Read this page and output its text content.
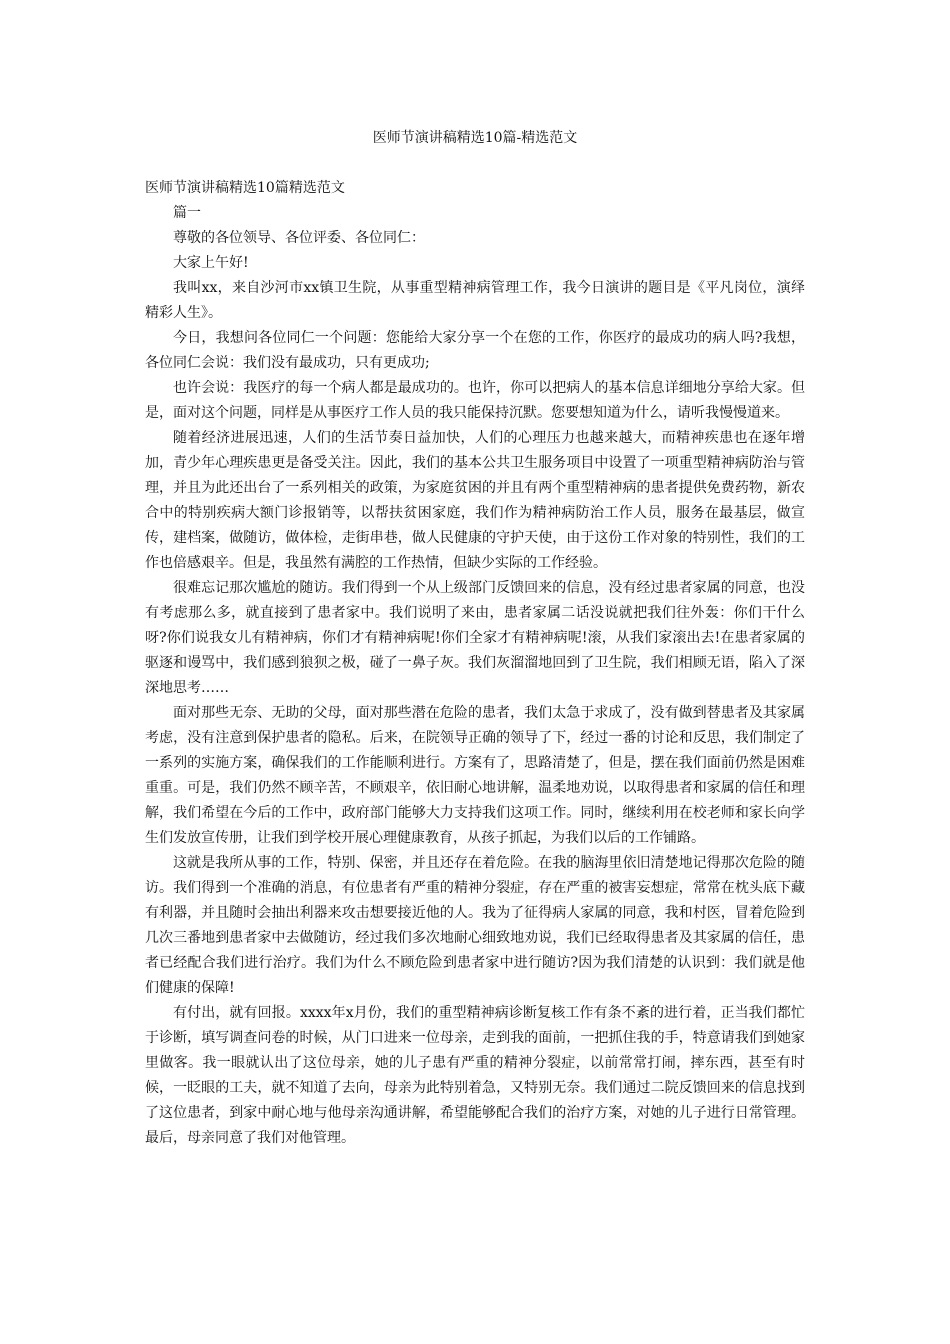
医师节演讲稿精选10篇-精选范文

医师节演讲稿精选10篇精选范文

篇一

尊敬的各位领导、各位评委、各位同仁：

大家上午好!

我叫xx，来自沙河市xx镇卫生院，从事重型精神病管理工作，我今日演讲的题目是《平凡岗位，演绎精彩人生》。

今日，我想问各位同仁一个问题：您能给大家分享一个在您的工作，你医疗的最成功的病人吗?我想，各位同仁会说：我们没有最成功，只有更成功;

也许会说：我医疗的每一个病人都是最成功的。也许，你可以把病人的基本信息详细地分享给大家。但是，面对这个问题，同样是从事医疗工作人员的我只能保持沉默。您要想知道为什么，请听我慢慢道来。

随着经济进展迅速，人们的生活节奏日益加快，人们的心理压力也越来越大，而精神疾患也在逐年增加，青少年心理疾患更是备受关注。因此，我们的基本公共卫生服务项目中设置了一项重型精神病防治与管理，并且为此还出台了一系列相关的政策，为家庭贫困的并且有两个重型精神病的患者提供免费药物，新农合中的特别疾病大额门诊报销等，以帮扶贫困家庭，我们作为精神病防治工作人员，服务在最基层，做宣传，建档案，做随访，做体检，走街串巷，做人民健康的守护天使，由于这份工作对象的特别性，我们的工作也倍感艰辛。但是，我虽然有满腔的工作热情，但缺少实际的工作经验。

很难忘记那次尴尬的随访。我们得到一个从上级部门反馈回来的信息，没有经过患者家属的同意，也没有考虑那么多，就直接到了患者家中。我们说明了来由，患者家属二话没说就把我们往外轰：你们干什么呀?你们说我女儿有精神病，你们才有精神病呢!你们全家才有精神病呢!滚，从我们家滚出去!在患者家属的驱逐和谩骂中，我们感到狼狈之极，碰了一鼻子灰。我们灰溜溜地回到了卫生院，我们相顾无语，陷入了深深地思考……

面对那些无奈、无助的父母，面对那些潜在危险的患者，我们太急于求成了，没有做到替患者及其家属考虑，没有注意到保护患者的隐私。后来，在院领导正确的领导了下，经过一番的讨论和反思，我们制定了一系列的实施方案，确保我们的工作能顺利进行。方案有了，思路清楚了，但是，摆在我们面前仍然是困难重重。可是，我们仍然不顾辛苦，不顾艰辛，依旧耐心地讲解，温柔地劝说，以取得患者和家属的信任和理解，我们希望在今后的工作中，政府部门能够大力支持我们这项工作。同时，继续利用在校老师和家长向学生们发放宣传册，让我们到学校开展心理健康教育，从孩子抓起，为我们以后的工作铺路。

这就是我所从事的工作，特别、保密，并且还存在着危险。在我的脑海里依旧清楚地记得那次危险的随访。我们得到一个准确的消息，有位患者有严重的精神分裂症，存在严重的被害妄想症，常常在枕头底下藏有利器，并且随时会抽出利器来攻击想要接近他的人。我为了征得病人家属的同意，我和村医，冒着危险到几次三番地到患者家中去做随访，经过我们多次地耐心细致地劝说，我们已经取得患者及其家属的信任，患者已经配合我们进行治疗。我们为什么不顾危险到患者家中进行随访?因为我们清楚的认识到：我们就是他们健康的保障!

有付出，就有回报。xxxx年x月份，我们的重型精神病诊断复核工作有条不紊的进行着，正当我们都忙于诊断，填写调查问卷的时候，从门口进来一位母亲，走到我的面前，一把抓住我的手，特意请我们到她家里做客。我一眼就认出了这位母亲，她的儿子患有严重的精神分裂症，以前常常打闹，摔东西，甚至有时候，一眨眼的工夫，就不知道了去向，母亲为此特别着急，又特别无奈。我们通过二院反馈回来的信息找到了这位患者，到家中耐心地与他母亲沟通讲解，希望能够配合我们的治疗方案，对她的儿子进行日常管理。最后，母亲同意了我们对他管理。
